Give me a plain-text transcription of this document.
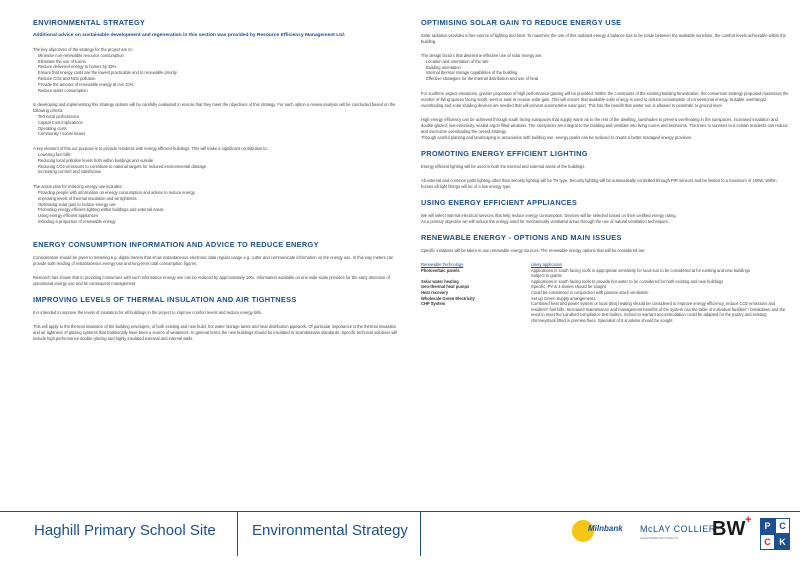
ENVIRONMENTAL STRATEGY
Additional advice on sustainable development and regeneration in this section was provided by Resource Efficiency Management Ltd.
The key objectives of the strategy for the project are to:
Minimise non-renewable resource consumption
Eliminate the use of toxins
Reduce delivered energy to homes by 25%
Ensure that energy costs are the lowest practicable and to renewable priority
Reduce CO2 and NOx pollution
Provide the amount of renewable energy at min 10%
Reduce water consumption
In developing and implementing this strategy options will be carefully evaluated to ensure that they meet the objectives of this strategy. For each option a review analysis will be conducted based on the following criteria:
Technical performance
Capital Cost implications
Operating costs
Community / social issues
A key element of this our purpose is to provide residents with energy efficient buildings. This will make a significant contribution to:
Lowering fuel bills
Reducing local pollution levels both within buildings and outside
Reducing CO2 emissions to contribute to national targets for reduced environmental damage
Increasing comfort and satisfaction
The action plan for reducing energy use includes:
Providing people with information on energy consumption and advice to reduce energy
Improving levels of thermal insulation and air tightness
Optimising solar gain to reduce energy use
Promoting energy efficient lighting within buildings and external areas
Using energy efficient appliances
Including a proportion of renewable energy
ENERGY CONSUMPTION INFORMATION AND ADVICE TO REDUCE ENERGY
Consideration should be given to metering e.g. digital meters that show instantaneous electronic data regular usage e.g. cutter and communicate information on the energy use. In this way meters can provide both reading of instantaneous energy use and long-term total consumption figures.
Research has shown that in providing consumers with such information energy use can be reduced by approximately 10%. Information available on one wide scale provides for the early detection of operational energy use and its consequent management.
IMPROVING LEVELS OF THERMAL INSULATION AND AIR TIGHTNESS
It is intended to improve the levels of insulation for all buildings in the project to improve comfort levels and reduce energy bills.
This will apply to the thermal insulation of the building envelopes, of both existing and new build, hot water storage tanks and heat distribution pipework. Of particular importance is the thermal insulation and air tightness of glazing systems that traditionally have been a source of weakness. In general terms the new buildings should be insulated to Scandinavian standards. Specific technical solutions will include high performance double glazing and highly insulated external and internal walls.
OPTIMISING SOLAR GAIN TO REDUCE ENERGY USE
Solar radiation provides a free source of lighting and heat. To maximise the use of this radiated energy a balance has to be made between the available sunshine, the comfort levels achievable within the building.
The design factors that determine effective use of solar energy are:
Location and orientation of the site
Building orientation
Internal thermal storage capabilities of the building
Effective strategies for the internal distribution and use of heat
For southern aspect elevations, greater proportion of high performance glazing will be provided. Within the constraints of the existing building fenestration, the conversion strategy proposed maximises the number of living spaces facing south, west or east to receive solar gain. This will ensure that available solar energy is used to reduce consumption of conventional energy. Suitable overhangs/ overshading and solar shading devices are needed that will prevent summertime solar gain. This has the benefit that winter sun is allowed to penetrate to ground level.
High energy efficiency can be achieved through south facing sunspaces that supply warm air to the rest of the dwelling, sunshades to prevent overheating in the sunspaces, increased insulation and double-glazed, low-emissivity, sealed argon filled windows. The sunspaces are integral to the building and ventilate into living rooms and bedrooms. The trees to sunrises to a certain residents can reduce and overcome overshading the overall strategy.
Through careful planting and landscaping in association with building use, energy peaks can be reduced to create a better managed energy provision.
PROMOTING ENERGY EFFICIENT LIGHTING
Energy efficient lighting will be used in both the internal and external areas of the buildings.
All external and common parts lighting other than security lighting will be TH type. Security lighting will be automatically controlled through PIR sensors and be limited to a maximum of 150W. Within homes all light fittings will be of a low energy type.
USING ENERGY EFFICIENT APPLIANCES
We will select internal electrical services that help reduce energy consumption. Devices will be selected based on their certified energy rating.
As a primary objective we will reduce the energy used for mechanically ventilated areas through the use of natural ventilation techniques.
RENEWABLE ENERGY - OPTIONS AND MAIN ISSUES
Specific initiatives will be taken to use renewable energy sources. The renewable energy options that will be considered are:
Renewable Technology	Likely application
Photovoltaic panels	Applications in south facing roofs in appropriate sensitivity for local sun to be considered at for existing and new buildings
	Subject to grants
Solar water heating	Applications in south facing roofs to provide hot water to be considered for both existing and new buildings
Geo-thermal heat pumps	Specific, PV & 3 stories should be sought
Heat recovery	Could be considered in conjunction with passive stack ventilation
Wholesale Green Electricity	Set up Green Supply arrangements
CHP System	Combined heat and power system or local (Bio) heating should be considered to improve energy efficiency, reduce CO2 emissions and residents' fuel bills. Increased maintenance and management benefits of the system can the table of individual facilities' / breakdown and the need to meet the Landlord compliance test boilers. School to warrant accommodation could be adapted for the pantry and existing chimneystack fitted in premise flues. Specialist of 5 & advise should be sought.
Haghill Primary School Site Environmental Strategy	Milnbank McLAY COLLIER
CHARTERED ARCHITECTS BW +	P C
C K
